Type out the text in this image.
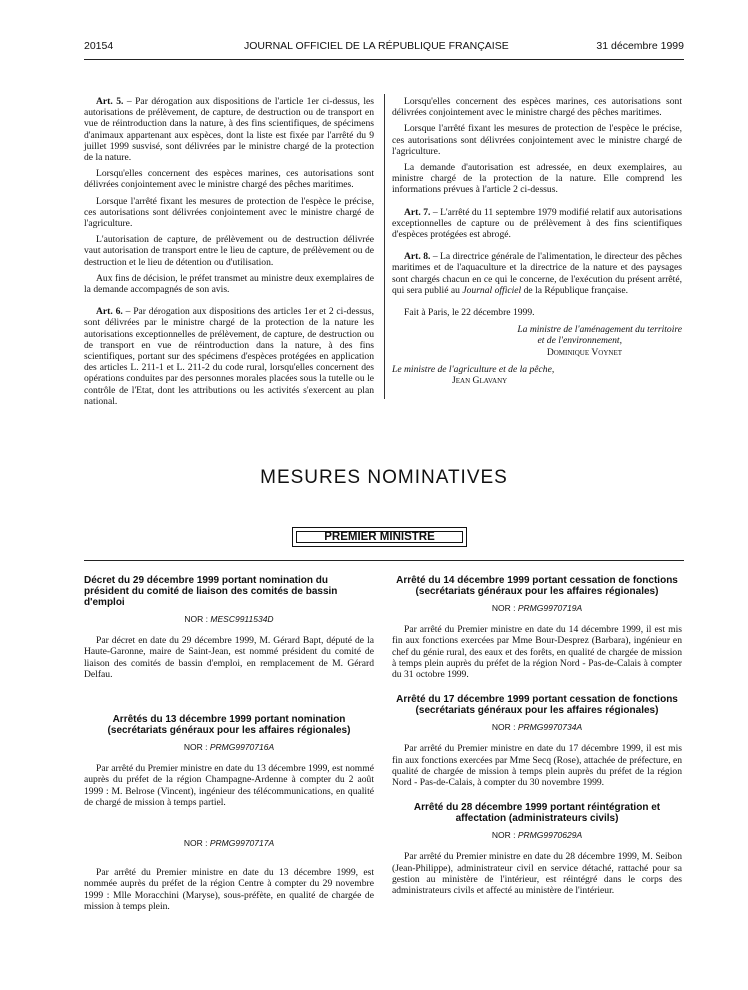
20154	JOURNAL OFFICIEL DE LA RÉPUBLIQUE FRANÇAISE	31 décembre 1999

Art. 5. – Par dérogation aux dispositions de l'article 1er ci-dessus, les autorisations de prélèvement, de capture, de destruction ou de transport en vue de réintroduction dans la nature, à des fins scientifiques, de spécimens d'animaux appartenant aux espèces, dont la liste est fixée par l'arrêté du 9 juillet 1999 susvisé, sont délivrées par le ministre chargé de la protection de la nature.

Lorsqu'elles concernent des espèces marines, ces autorisations sont délivrées conjointement avec le ministre chargé des pêches maritimes.

Lorsque l'arrêté fixant les mesures de protection de l'espèce le précise, ces autorisations sont délivrées conjointement avec le ministre chargé de l'agriculture.

L'autorisation de capture, de prélèvement ou de destruction délivrée vaut autorisation de transport entre le lieu de capture, de prélèvement ou de destruction et le lieu de détention ou d'utilisation.

Aux fins de décision, le préfet transmet au ministre deux exemplaires de la demande accompagnés de son avis.

Art. 6. – Par dérogation aux dispositions des articles 1er et 2 ci-dessus, sont délivrées par le ministre chargé de la protection de la nature les autorisations exceptionnelles de prélèvement, de capture, de destruction ou de transport en vue de réintroduction dans la nature, à des fins scientifiques, portant sur des spécimens d'espèces protégées en application des articles L. 211-1 et L. 211-2 du code rural, lorsqu'elles concernent des opérations conduites par des personnes morales placées sous la tutelle ou le contrôle de l'Etat, dont les attributions ou les activités s'exercent au plan national.

Lorsqu'elles concernent des espèces marines, ces autorisations sont délivrées conjointement avec le ministre chargé des pêches maritimes.

Lorsque l'arrêté fixant les mesures de protection de l'espèce le précise, ces autorisations sont délivrées conjointement avec le ministre chargé de l'agriculture.

La demande d'autorisation est adressée, en deux exemplaires, au ministre chargé de la protection de la nature. Elle comprend les informations prévues à l'article 2 ci-dessus.

Art. 7. – L'arrêté du 11 septembre 1979 modifié relatif aux autorisations exceptionnelles de capture ou de prélèvement à des fins scientifiques d'espèces protégées est abrogé.

Art. 8. – La directrice générale de l'alimentation, le directeur des pêches maritimes et de l'aquaculture et la directrice de la nature et des paysages sont chargés chacun en ce qui le concerne, de l'exécution du présent arrêté, qui sera publié au Journal officiel de la République française.

Fait à Paris, le 22 décembre 1999.

La ministre de l'aménagement du territoire
et de l'environnement,
Dominique Voynet
Le ministre de l'agriculture et de la pêche,
Jean Glavany
MESURES NOMINATIVES
PREMIER MINISTRE
Décret du 29 décembre 1999 portant nomination du président du comité de liaison des comités de bassin d'emploi
NOR : MESC9911534D

Par décret en date du 29 décembre 1999, M. Gérard Bapt, député de la Haute-Garonne, maire de Saint-Jean, est nommé président du comité de liaison des comités de bassin d'emploi, en remplacement de M. Gérard Delfau.

Arrêtés du 13 décembre 1999 portant nomination (secrétariats généraux pour les affaires régionales)
NOR : PRMG9970716A

Par arrêté du Premier ministre en date du 13 décembre 1999, est nommé auprès du préfet de la région Champagne-Ardenne à compter du 2 août 1999 : M. Belrose (Vincent), ingénieur des télécommunications, en qualité de chargé de mission à temps partiel.

NOR : PRMG9970717A

Par arrêté du Premier ministre en date du 13 décembre 1999, est nommée auprès du préfet de la région Centre à compter du 29 novembre 1999 : Mlle Moracchini (Maryse), sous-préfète, en qualité de chargée de mission à temps plein.

Arrêté du 14 décembre 1999 portant cessation de fonctions (secrétariats généraux pour les affaires régionales)
NOR : PRMG9970719A

Par arrêté du Premier ministre en date du 14 décembre 1999, il est mis fin aux fonctions exercées par Mme Bour-Desprez (Barbara), ingénieur en chef du génie rural, des eaux et des forêts, en qualité de chargée de mission à temps plein auprès du préfet de la région Nord - Pas-de-Calais à compter du 31 octobre 1999.

Arrêté du 17 décembre 1999 portant cessation de fonctions (secrétariats généraux pour les affaires régionales)
NOR : PRMG9970734A

Par arrêté du Premier ministre en date du 17 décembre 1999, il est mis fin aux fonctions exercées par Mme Secq (Rose), attachée de préfecture, en qualité de chargée de mission à temps plein auprès du préfet de la région Nord - Pas-de-Calais, à compter du 30 novembre 1999.

Arrêté du 28 décembre 1999 portant réintégration et affectation (administrateurs civils)
NOR : PRMG9970629A

Par arrêté du Premier ministre en date du 28 décembre 1999, M. Seibon (Jean-Philippe), administrateur civil en service détaché, rattaché pour sa gestion au ministère de l'intérieur, est réintégré dans le corps des administrateurs civils et affecté au ministère de l'intérieur.
